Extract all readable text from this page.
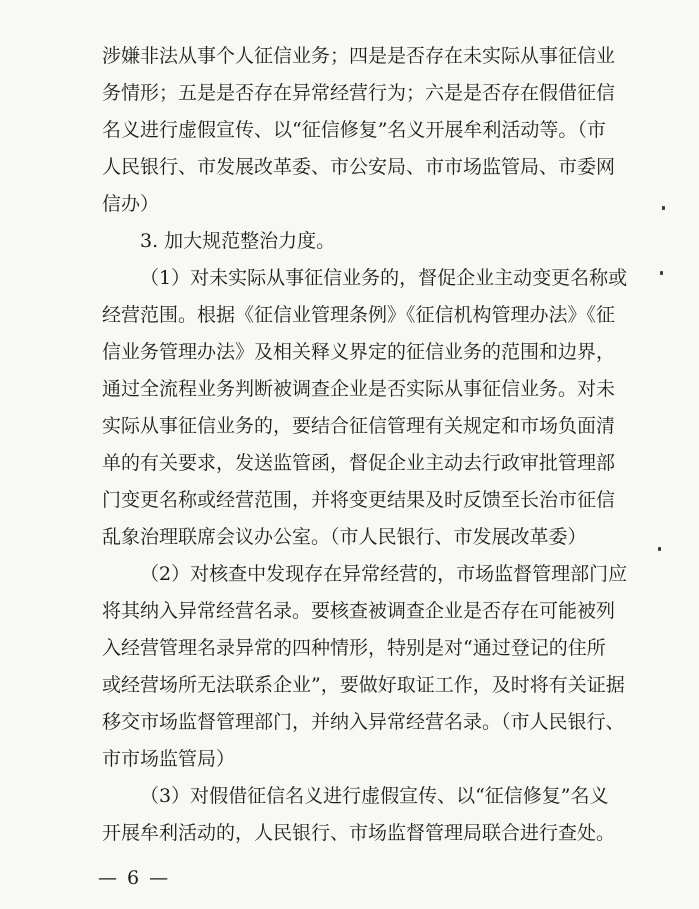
涉嫌非法从事个人征信业务；四是是否存在未实际从事征信业
务情形；五是是否存在异常经营行为；六是是否存在假借征信
名义进行虚假宣传、以“征信修复”名义开展牟利活动等。（市
人民银行、市发展改革委、市公安局、市市场监管局、市委网
信办）
3. 加大规范整治力度。
（1）对未实际从事征信业务的，督促企业主动变更名称或
经营范围。根据《征信业管理条例》《征信机构管理办法》《征
信业务管理办法》及相关释义界定的征信业务的范围和边界，
通过全流程业务判断被调查企业是否实际从事征信业务。对未
实际从事征信业务的，要结合征信管理有关规定和市场负面清
单的有关要求，发送监管函，督促企业主动去行政审批管理部
门变更名称或经营范围，并将变更结果及时反馈至长治市征信
乱象治理联席会议办公室。（市人民银行、市发展改革委）
（2）对核查中发现存在异常经营的，市场监督管理部门应
将其纳入异常经营名录。要核查被调查企业是否存在可能被列
入经营管理名录异常的四种情形，特别是对“通过登记的住所
或经营场所无法联系企业”，要做好取证工作，及时将有关证据
移交市场监督管理部门，并纳入异常经营名录。（市人民银行、
市市场监管局）
（3）对假借征信名义进行虚假宣传、以“征信修复”名义
开展牟利活动的，人民银行、市场监督管理局联合进行查处。
— 6 —
